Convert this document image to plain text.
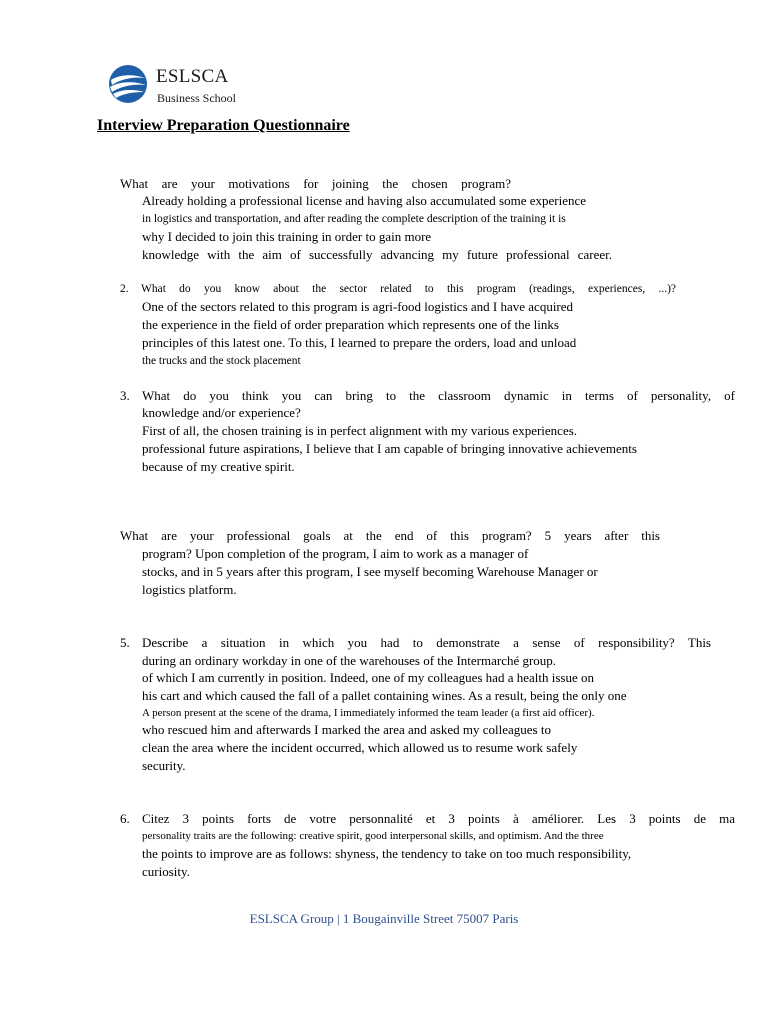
ESLSCA
Business School
Interview Preparation Questionnaire
What are your motivations for joining the chosen program?
Already holding a professional license and having also accumulated some experience
in logistics and transportation, and after reading the complete description of the training it is
why I decided to join this training in order to gain more
knowledge with the aim of successfully advancing my future professional career.
2. What do you know about the sector related to this program (readings, experiences, ...)?
One of the sectors related to this program is agri-food logistics and I have acquired
the experience in the field of order preparation which represents one of the links
principles of this latest one. To this, I learned to prepare the orders, load and unload
the trucks and the stock placement
3. What do you think you can bring to the classroom dynamic in terms of personality, of
knowledge and/or experience?
First of all, the chosen training is in perfect alignment with my various experiences.
professional future aspirations, I believe that I am capable of bringing innovative achievements
because of my creative spirit.
What are your professional goals at the end of this program? 5 years after this
program? Upon completion of the program, I aim to work as a manager of
stocks, and in 5 years after this program, I see myself becoming Warehouse Manager or
logistics platform.
5. Describe a situation in which you had to demonstrate a sense of responsibility? This
during an ordinary workday in one of the warehouses of the Intermarché group.
of which I am currently in position. Indeed, one of my colleagues had a health issue on
his cart and which caused the fall of a pallet containing wines. As a result, being the only one
A person present at the scene of the drama, I immediately informed the team leader (a first aid officer).
who rescued him and afterwards I marked the area and asked my colleagues to
clean the area where the incident occurred, which allowed us to resume work safely
security.
6. Citez 3 points forts de votre personnalité et 3 points à améliorer. Les 3 points de ma
personality traits are the following: creative spirit, good interpersonal skills, and optimism. And the three
the points to improve are as follows: shyness, the tendency to take on too much responsibility,
curiosity.
ESLSCA Group | 1 Bougainville Street 75007 Paris
